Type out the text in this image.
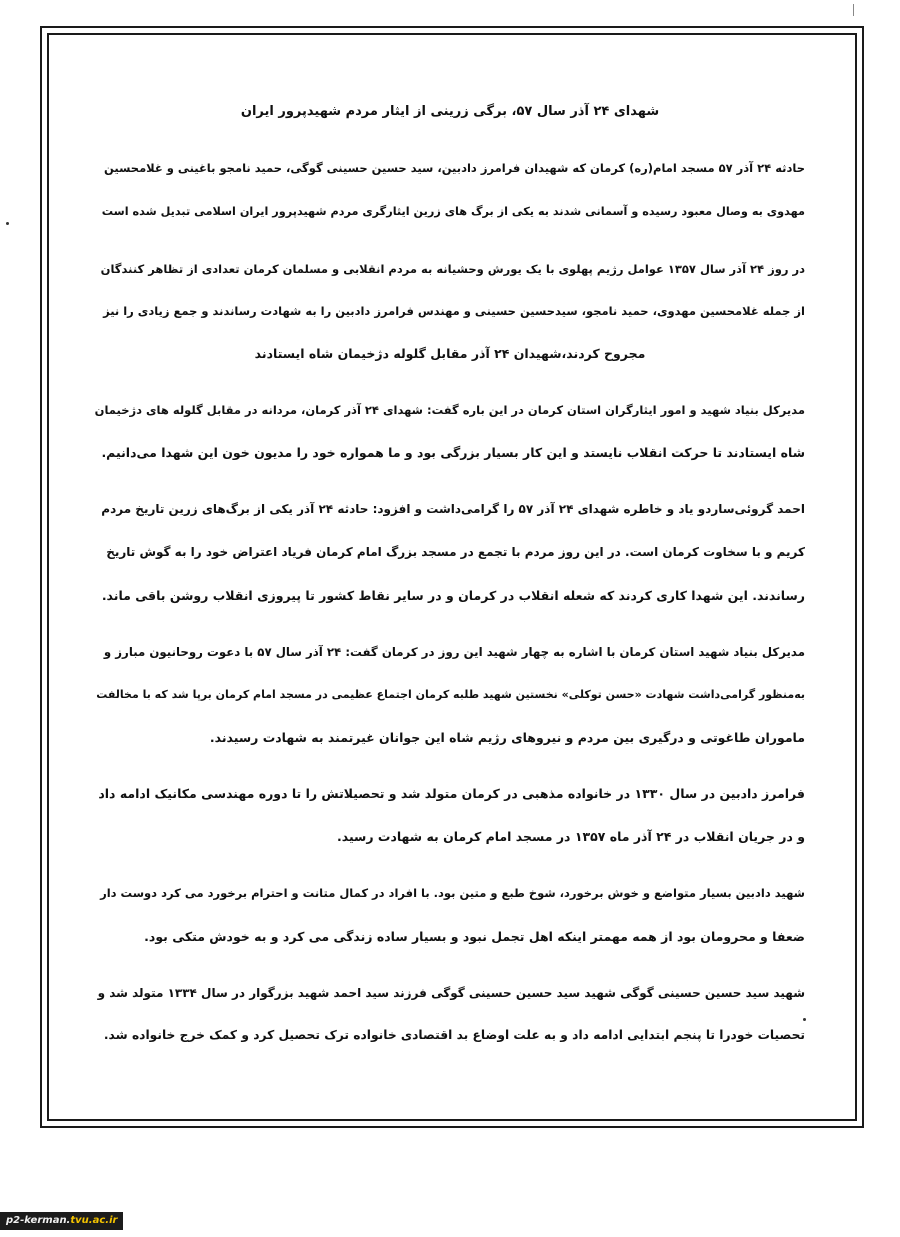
شهدای ۲۴ آذر سال ۵۷، برگی زرینی از ایثار مردم شهیدپرور ایران
حادثه ۲۴ آذر ۵۷ مسجد امام(ره) کرمان که شهیدان فرامرز دادبین، سید حسین حسینی گوگی، حمید نامجو باغینی و غلامحسین
مهدوی به وصال معبود رسیده و آسمانی شدند به یکی از برگ های زرین ایثارگری مردم شهیدپرور ایران اسلامی تبدیل شده است
در روز ۲۴ آذر سال ۱۳۵۷ عوامل رژیم پهلوی با یک یورش وحشیانه به مردم انقلابی و مسلمان کرمان تعدادی از تظاهر کنندگان
از جمله غلامحسین مهدوی، حمید نامجو، سیدحسین حسینی و مهندس فرامرز دادبین را به شهادت رساندند و جمع زیادی را نیز
مجروح کردند،شهیدان ۲۴ آذر مقابل گلوله دژخیمان شاه ایستادند
مدیرکل بنیاد شهید و امور ایثارگران استان کرمان در این باره گفت: شهدای ۲۴ آذر کرمان، مردانه در مقابل گلوله های دژخیمان
شاه ایستادند تا حرکت انقلاب نایستد و این کار بسیار بزرگی بود و ما همواره خود را مدیون خون این شهدا می‌دانیم.
احمد گروئی‌ساردو یاد و خاطره شهدای ۲۴ آذر ۵۷ را گرامی‌داشت و افزود: حادثه ۲۴ آذر یکی از برگ‌های زرین تاریخ مردم
کریم و با سخاوت کرمان است. در این روز مردم با تجمع در مسجد بزرگ امام کرمان فریاد اعتراض خود را به گوش تاریخ
رساندند. این شهدا کاری کردند که شعله انقلاب در کرمان و در سایر نقاط کشور تا پیروزی انقلاب روشن باقی ماند.
مدیرکل بنیاد شهید استان کرمان با اشاره به چهار شهید این روز در کرمان گفت: ۲۴ آذر سال ۵۷ با دعوت روحانیون مبارز و
به‌منظور گرامی‌داشت شهادت «حسن توکلی» نخستین شهید طلبه کرمان اجتماع عظیمی در مسجد امام کرمان برپا شد که با مخالفت
ماموران طاغوتی و درگیری بین مردم و نیروهای رژیم شاه این جوانان غیرتمند به شهادت رسیدند.
فرامرز دادبین در سال ۱۳۳۰ در خانواده مذهبی در کرمان متولد شد و تحصیلاتش را تا دوره مهندسی مکانیک ادامه داد
و در جریان انقلاب در ۲۴ آذر ماه ۱۳۵۷ در مسجد امام کرمان به شهادت رسید.
شهید دادبین بسیار متواضع و خوش برخورد، شوخ طبع و متین بود. با افراد در کمال متانت و احترام برخورد می کرد دوست دار
ضعفا و محرومان بود از همه مهمتر اینکه اهل تجمل نبود و بسیار ساده زندگی می کرد و به خودش متکی بود.
شهید سید حسین حسینی گوگی شهید سید حسین حسینی گوگی فرزند سید احمد شهید بزرگوار در سال ۱۳۳۴ متولد شد و
تحصیات خودرا تا پنجم ابتدایی ادامه داد و به علت اوضاع بد اقتصادی خانواده ترک تحصیل کرد و کمک خرج خانواده شد.
p2-kerman.tvu.ac.ir
